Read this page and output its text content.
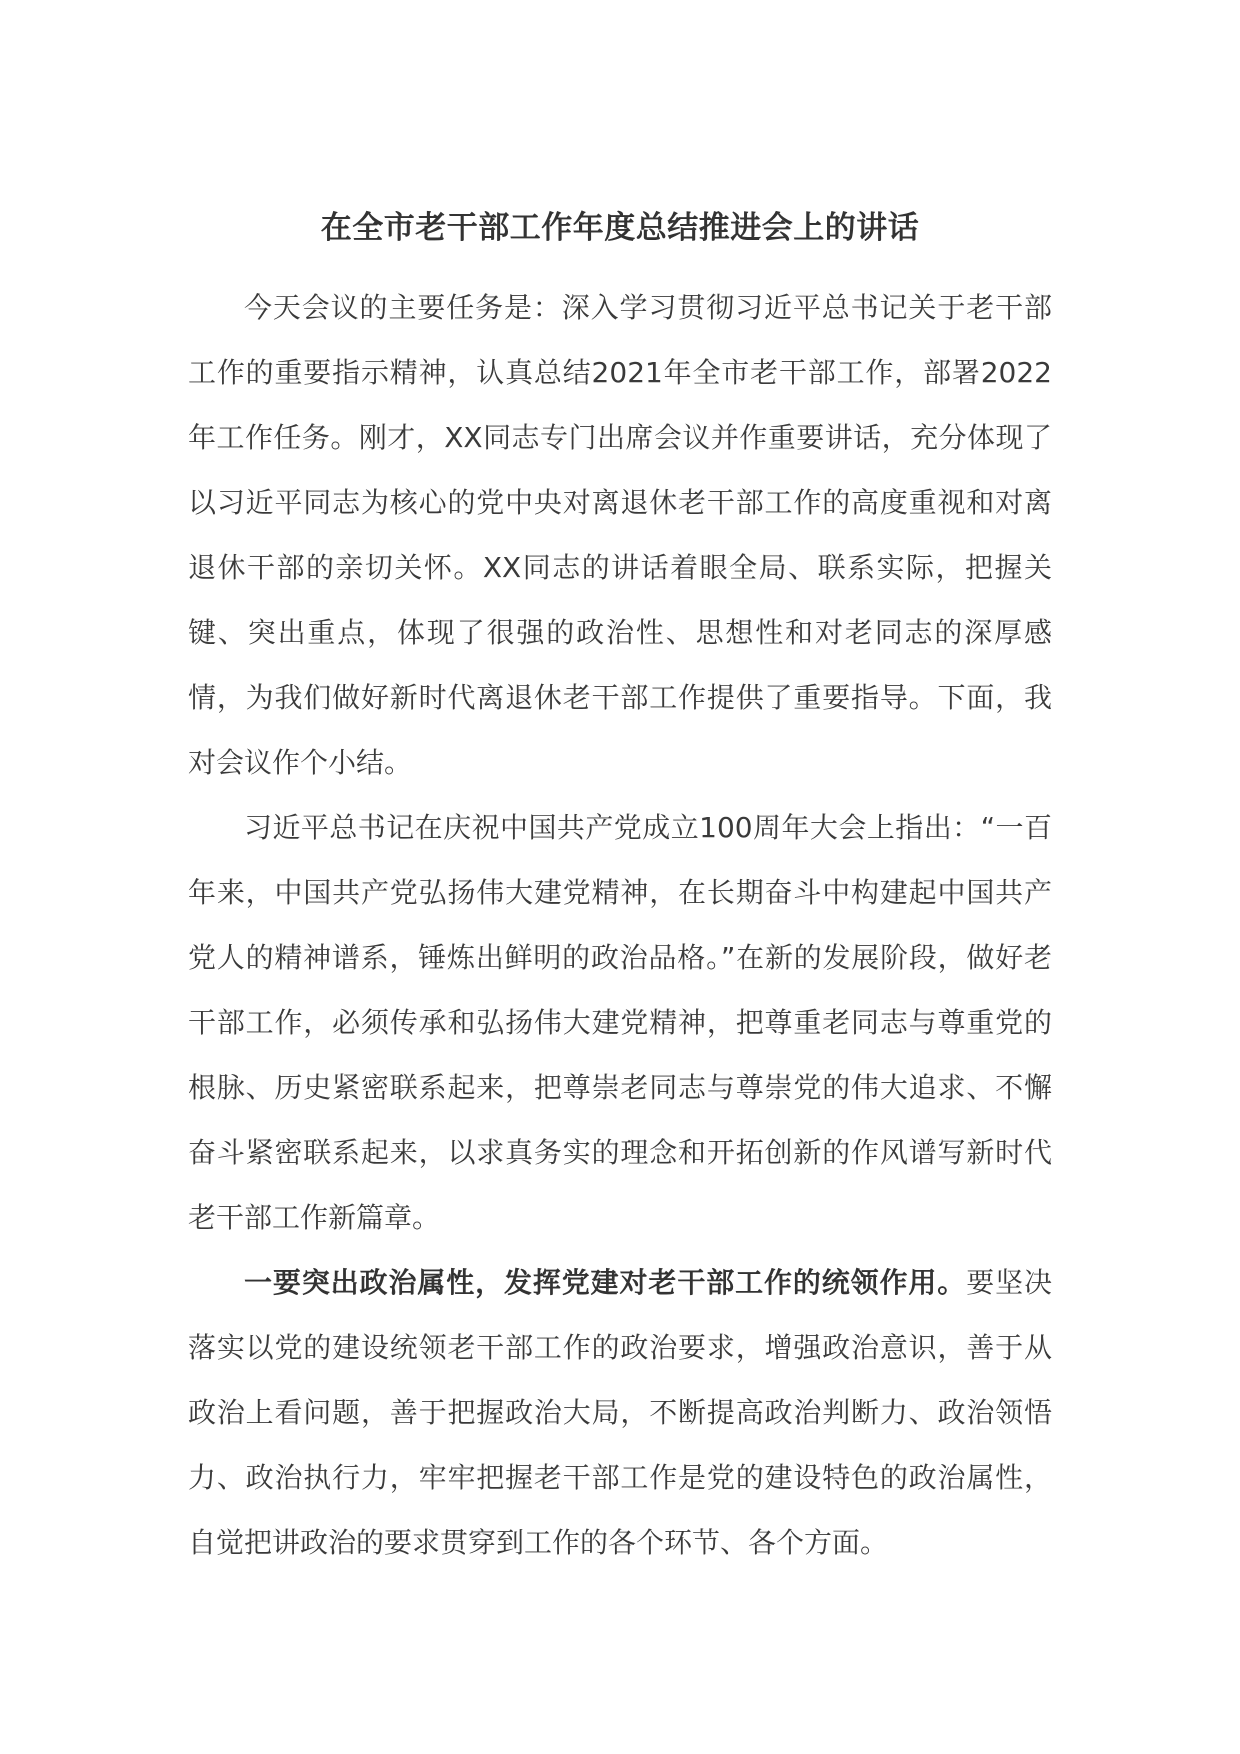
在全市老干部工作年度总结推进会上的讲话

今天会议的主要任务是：深入学习贯彻习近平总书记关于老干部工作的重要指示精神，认真总结2021年全市老干部工作，部署2022年工作任务。刚才，XX同志专门出席会议并作重要讲话，充分体现了以习近平同志为核心的党中央对离退休老干部工作的高度重视和对离退休干部的亲切关怀。XX同志的讲话着眼全局、联系实际，把握关键、突出重点，体现了很强的政治性、思想性和对老同志的深厚感情，为我们做好新时代离退休老干部工作提供了重要指导。下面，我对会议作个小结。

习近平总书记在庆祝中国共产党成立100周年大会上指出：“一百年来，中国共产党弘扬伟大建党精神，在长期奋斗中构建起中国共产党人的精神谱系，锤炼出鲜明的政治品格。”在新的发展阶段，做好老干部工作，必须传承和弘扬伟大建党精神，把尊重老同志与尊重党的根脉、历史紧密联系起来，把尊崇老同志与尊崇党的伟大追求、不懈奋斗紧密联系起来，以求真务实的理念和开拓创新的作风谱写新时代老干部工作新篇章。

一要突出政治属性，发挥党建对老干部工作的统领作用。要坚决落实以党的建设统领老干部工作的政治要求，增强政治意识，善于从政治上看问题，善于把握政治大局，不断提高政治判断力、政治领悟力、政治执行力，牢牢把握老干部工作是党的建设特色的政治属性，自觉把讲政治的要求贯穿到工作的各个环节、各个方面。
